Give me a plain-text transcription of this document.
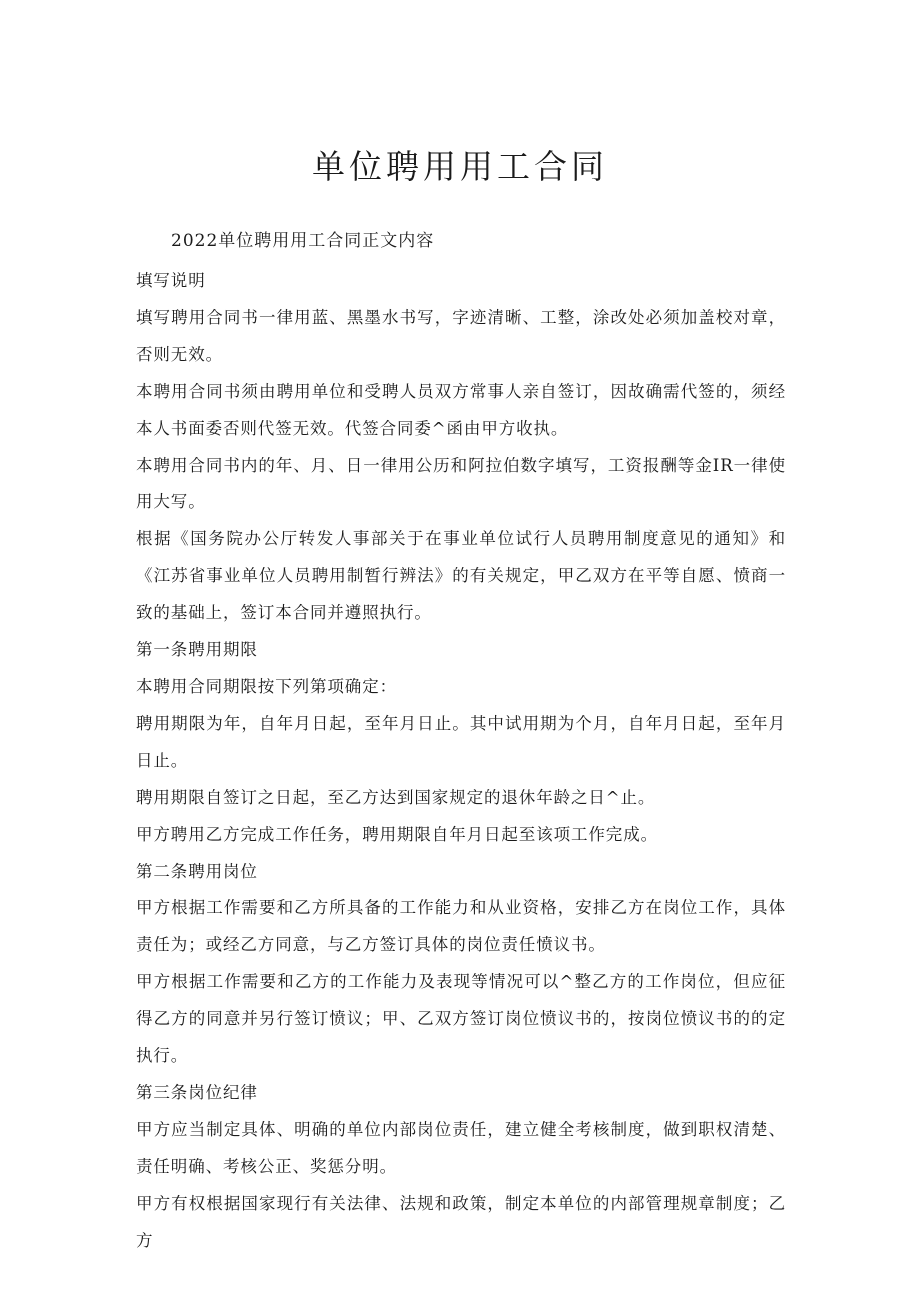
单位聘用用工合同

2022单位聘用用工合同正文内容

填写说明

填写聘用合同书一律用蓝、黑墨水书写，字迹清晰、工整，涂改处必须加盖校对章，否则无效。

本聘用合同书须由聘用单位和受聘人员双方常事人亲自签订，因故确需代签的，须经本人书面委否则代签无效。代签合同委^函由甲方收执。

本聘用合同书内的年、月、日一律用公历和阿拉伯数字填写，工资报酬等金IR一律使用大写。

根据《国务院办公厅转发人事部关于在事业单位试行人员聘用制度意见的通知》和《江苏省事业单位人员聘用制暂行辨法》的有关规定，甲乙双方在平等自愿、愤商一致的基础上，签订本合同并遵照执行。

第一条聘用期限

本聘用合同期限按下列第项确定：

聘用期限为年，自年月日起，至年月日止。其中试用期为个月，自年月日起，至年月日止。

聘用期限自签订之日起，至乙方达到国家规定的退休年龄之日^止。

甲方聘用乙方完成工作任务，聘用期限自年月日起至该项工作完成。

第二条聘用岗位

甲方根据工作需要和乙方所具备的工作能力和从业资格，安排乙方在岗位工作，具体责任为；或经乙方同意，与乙方签订具体的岗位责任愤议书。

甲方根据工作需要和乙方的工作能力及表现等情况可以^整乙方的工作岗位，但应征得乙方的同意并另行签订愤议；甲、乙双方签订岗位愤议书的，按岗位愤议书的的定执行。

第三条岗位纪律

甲方应当制定具体、明确的单位内部岗位责任，建立健全考核制度，做到职权清楚、责任明确、考核公正、奖惩分明。

甲方有权根据国家现行有关法律、法规和政策，制定本单位的内部管理规章制度；乙方
